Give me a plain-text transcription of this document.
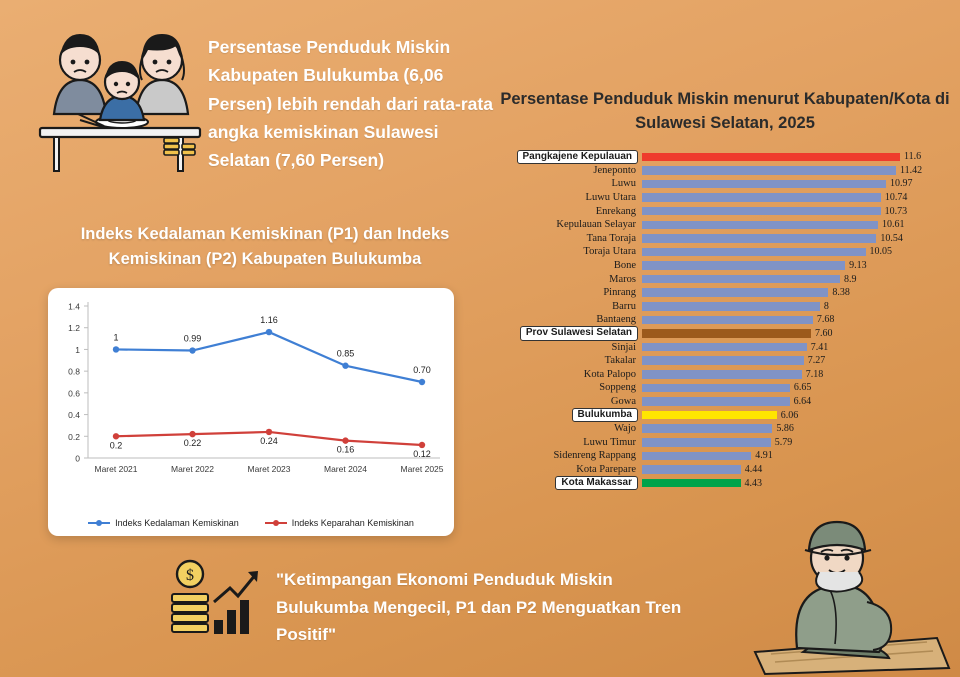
Persentase Penduduk Miskin Kabupaten Bulukumba (6,06 Persen) lebih rendah dari rata-rata angka kemiskinan Sulawesi Selatan (7,60 Persen)
Persentase Penduduk Miskin menurut Kabupaten/Kota di Sulawesi Selatan, 2025
Pangkajene Kepulauan	11.6
Jeneponto	11.42
Luwu	10.97
Luwu Utara	10.74
Enrekang	10.73
Kepulauan Selayar	10.61
Tana Toraja	10.54
Toraja Utara	10.05
Bone	9.13
Maros	8.9
Pinrang	8.38
Barru	8
Bantaeng	7.68
Prov Sulawesi Selatan	7.60
Sinjai	7.41
Takalar	7.27
Kota Palopo	7.18
Soppeng	6.65
Gowa	6.64
Bulukumba	6.06
Wajo	5.86
Luwu Timur	5.79
Sidenreng Rappang	4.91
Kota Parepare	4.44
Kota Makassar	4.43
Indeks Kedalaman Kemiskinan (P1) dan Indeks Kemiskinan (P2) Kabupaten Bulukumba
0
0.2
0.4
0.6
0.8
1
1.2
1.4
Maret 2021	Maret 2022	Maret 2023	Maret 2024	Maret 2025
1	0.99
1.16
0.85
0.70
0.2	0.22	0.24
0.16	0.12
Indeks Kedalaman Kemiskinan	Indeks Keparahan Kemiskinan
$	"Ketimpangan Ekonomi Penduduk Miskin Bulukumba Mengecil, P1 dan P2 Menguatkan Tren Positif"
